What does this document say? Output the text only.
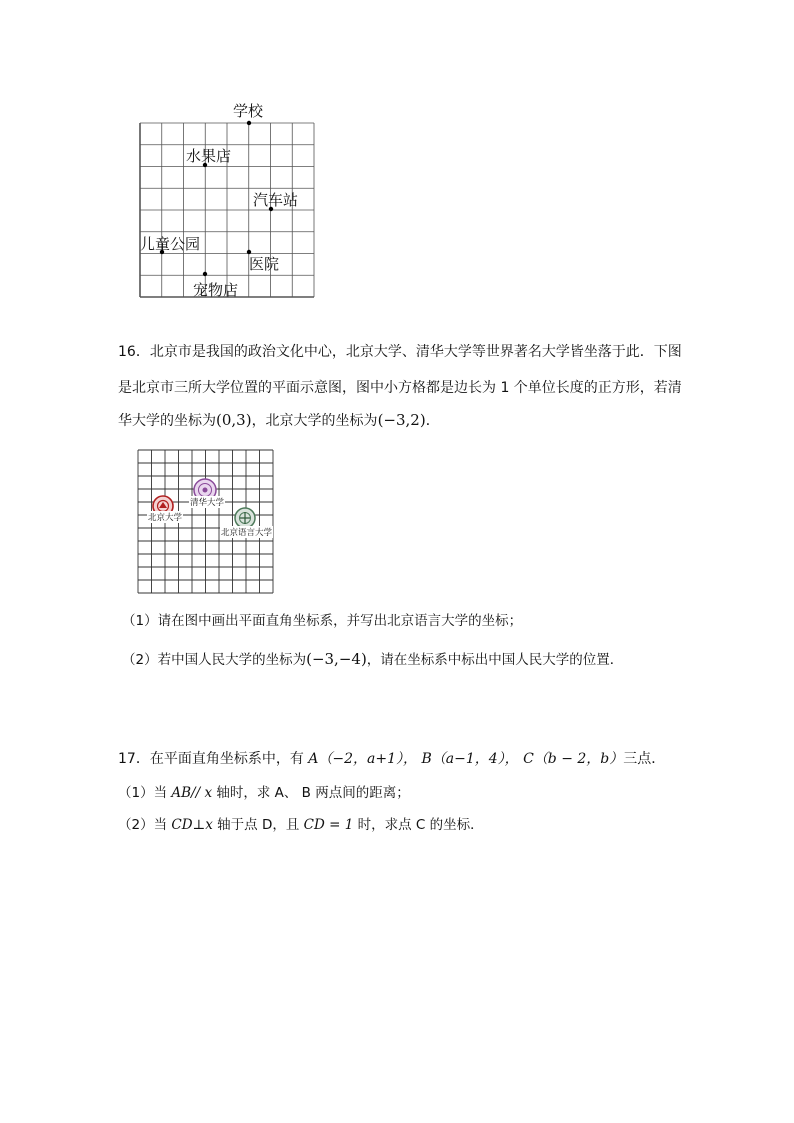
学校
水果店
汽车站
儿童公园
医院
宠物店
16．北京市是我国的政治文化中心，北京大学、清华大学等世界著名大学皆坐落于此．下图
是北京市三所大学位置的平面示意图，图中小方格都是边长为 1 个单位长度的正方形，若清
华大学的坐标为(0,3)，北京大学的坐标为(−3,2)．
清华大学
北京大学
北京语言大学
（1）请在图中画出平面直角坐标系，并写出北京语言大学的坐标；
（2）若中国人民大学的坐标为(−3,−4)，请在坐标系中标出中国人民大学的位置．
17．在平面直角坐标系中，有 A（−2，a+1）， B（a−1，4）， C（b − 2，b）三点．
（1）当 AB// x 轴时，求 A、 B 两点间的距离；
（2）当 CD⊥x 轴于点 D，且 CD = 1 时，求点 C 的坐标．
